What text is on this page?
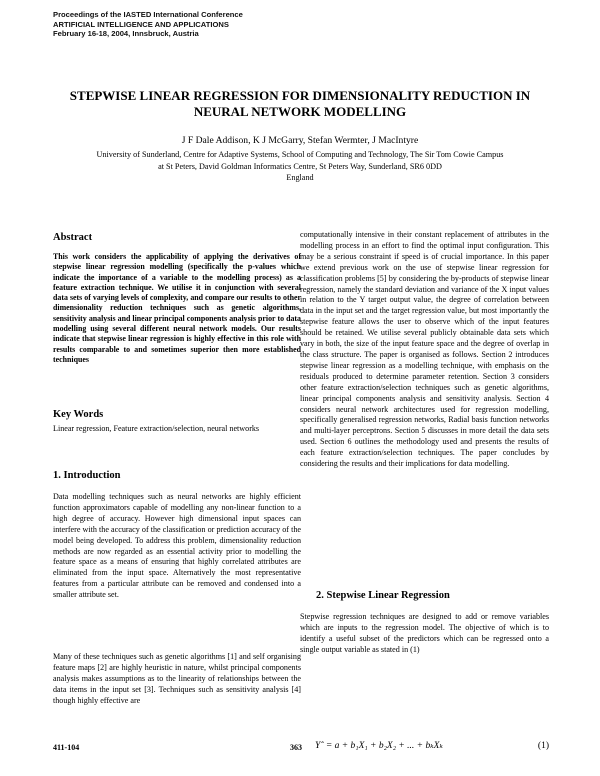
Proceedings of the IASTED International Conference
ARTIFICIAL INTELLIGENCE AND APPLICATIONS
February 16-18, 2004, Innsbruck, Austria
STEPWISE LINEAR REGRESSION FOR DIMENSIONALITY REDUCTION IN NEURAL NETWORK MODELLING
J F Dale Addison, K J McGarry, Stefan Wermter, J MacIntyre
University of Sunderland, Centre for Adaptive Systems, School of Computing and Technology, The Sir Tom Cowie Campus
at St Peters, David Goldman Informatics Centre, St Peters Way, Sunderland, SR6 0DD
England
Abstract

This work considers the applicability of applying the derivatives of stepwise linear regression modelling (specifically the p-values which indicate the importance of a variable to the modelling process) as a feature extraction technique. We utilise it in conjunction with several data sets of varying levels of complexity, and compare our results to other dimensionality reduction techniques such as genetic algorithms, sensitivity analysis and linear principal components analysis prior to data modelling using several different neural network models. Our results indicate that stepwise linear regression is highly effective in this role with results comparable to and sometimes superior then more established techniques

Key Words

Linear regression, Feature extraction/selection, neural networks

1. Introduction

Data modelling techniques such as neural networks are highly efficient function approximators capable of modelling any non-linear function to a high degree of accuracy. However high dimensional input spaces can interfere with the accuracy of the classification or prediction accuracy of the model being developed. To address this problem, dimensionality reduction methods are now regarded as an essential activity prior to modelling the feature space as a means of ensuring that highly correlated attributes are eliminated from the input space. Alternatively the most representative features from a particular attribute can be removed and condensed into a smaller attribute set.

Many of these techniques such as genetic algorithms [1] and self organising feature maps [2] are highly heuristic in nature, whilst principal components analysis makes assumptions as to the linearity of relationships between the data items in the input set [3]. Techniques such as sensitivity analysis [4] though highly effective are

computationally intensive in their constant replacement of attributes in the modelling process in an effort to find the optimal input configuration. This may be a serious constraint if speed is of crucial importance. In this paper we extend previous work on the use of stepwise linear regression for classification problems [5] by considering the by-products of stepwise linear regression, namely the standard deviation and variance of the X input values in relation to the Y target output value, the degree of correlation between data in the input set and the target regression value, but most importantly the stepwise feature allows the user to observe which of the input features should be retained. We utilise several publicly obtainable data sets which vary in both, the size of the input feature space and the degree of overlap in the class structure. The paper is organised as follows. Section 2 introduces stepwise linear regression as a modelling technique, with emphasis on the residuals produced to determine parameter retention. Section 3 considers other feature extraction/selection techniques such as genetic algorithms, linear principal components analysis and sensitivity analysis. Section 4 considers neural network architectures used for regression modelling, specifically generalised regression networks, Radial basis function networks and multi-layer perceptrons. Section 5 discusses in more detail the data sets used. Section 6 outlines the methodology used and presents the results of each feature extraction/selection techniques. The paper concludes by considering the results and their implications for data modelling.

2. Stepwise Linear Regression

Stepwise regression techniques are designed to add or remove variables which are inputs to the regression model. The objective of which is to identify a useful subset of the predictors which can be regressed onto a single output variable as stated in (1)

Yˆ = a + b₁X₁ + b₂X₂ + ... + bₖXₖ	(1)
411-104	363
